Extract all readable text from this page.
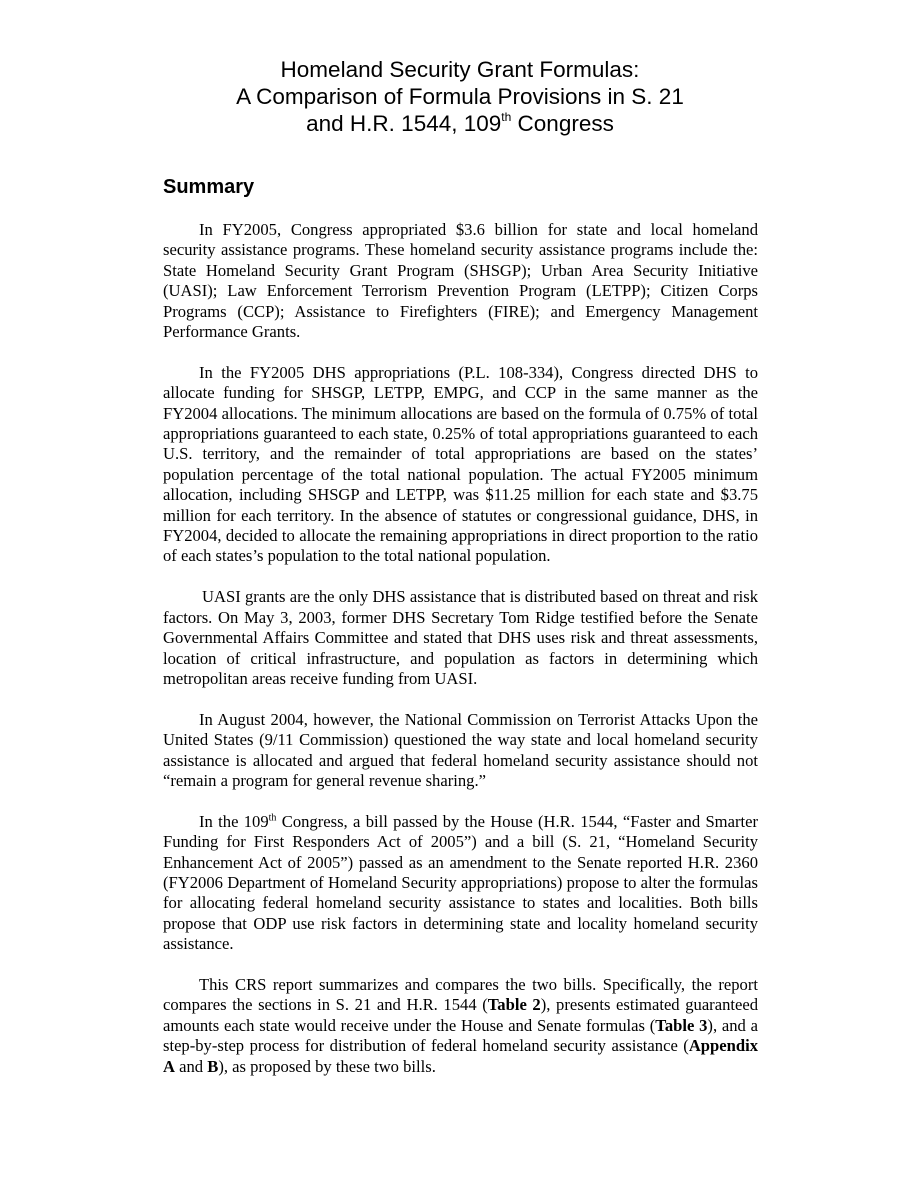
Homeland Security Grant Formulas:
A Comparison of Formula Provisions in S. 21
and H.R. 1544, 109th Congress
Summary

In FY2005, Congress appropriated $3.6 billion for state and local homeland security assistance programs. These homeland security assistance programs include the: State Homeland Security Grant Program (SHSGP); Urban Area Security Initiative (UASI); Law Enforcement Terrorism Prevention Program (LETPP); Citizen Corps Programs (CCP); Assistance to Firefighters (FIRE); and Emergency Management Performance Grants.

In the FY2005 DHS appropriations (P.L. 108-334), Congress directed DHS to allocate funding for SHSGP, LETPP, EMPG, and CCP in the same manner as the FY2004 allocations. The minimum allocations are based on the formula of 0.75% of total appropriations guaranteed to each state, 0.25% of total appropriations guaranteed to each U.S. territory, and the remainder of total appropriations are based on the states’ population percentage of the total national population. The actual FY2005 minimum allocation, including SHSGP and LETPP, was $11.25 million for each state and $3.75 million for each territory. In the absence of statutes or congressional guidance, DHS, in FY2004, decided to allocate the remaining appropriations in direct proportion to the ratio of each states’s population to the total national population.

UASI grants are the only DHS assistance that is distributed based on threat and risk factors. On May 3, 2003, former DHS Secretary Tom Ridge testified before the Senate Governmental Affairs Committee and stated that DHS uses risk and threat assessments, location of critical infrastructure, and population as factors in determining which metropolitan areas receive funding from UASI.

In August 2004, however, the National Commission on Terrorist Attacks Upon the United States (9/11 Commission) questioned the way state and local homeland security assistance is allocated and argued that federal homeland security assistance should not “remain a program for general revenue sharing.”

In the 109th Congress, a bill passed by the House (H.R. 1544, “Faster and Smarter Funding for First Responders Act of 2005”) and a bill (S. 21, “Homeland Security Enhancement Act of 2005”) passed as an amendment to the Senate reported H.R. 2360 (FY2006 Department of Homeland Security appropriations) propose to alter the formulas for allocating federal homeland security assistance to states and localities. Both bills propose that ODP use risk factors in determining state and locality homeland security assistance.

This CRS report summarizes and compares the two bills. Specifically, the report compares the sections in S. 21 and H.R. 1544 (Table 2), presents estimated guaranteed amounts each state would receive under the House and Senate formulas (Table 3), and a step-by-step process for distribution of federal homeland security assistance (Appendix A and B), as proposed by these two bills.
